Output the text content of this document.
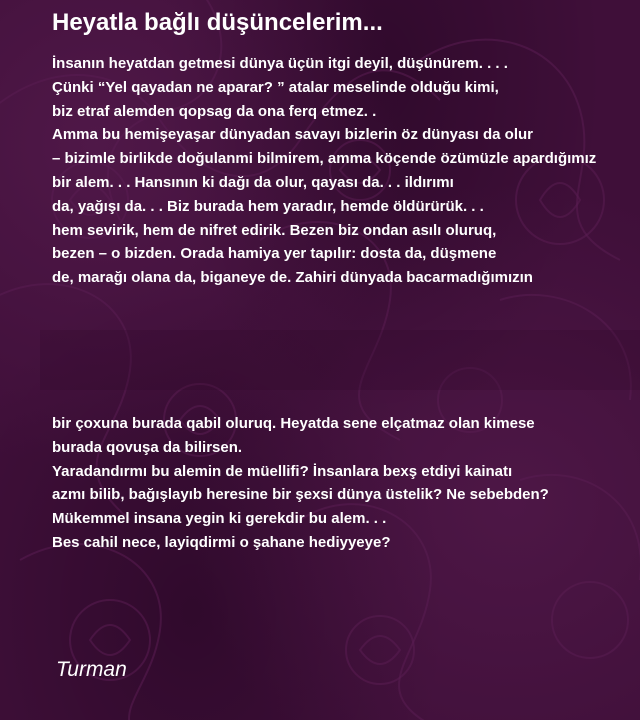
Heyatla bağlı düşüncelerim...
İnsanın heyatdan getmesi dünya üçün itgi deyil, düşünürem. . . .
Çünki “Yel qayadan ne aparar? ” atalar meselinde olduğu kimi,
biz etraf alemden qopsag da ona ferq etmez. .
Amma bu hemişeyaşar dünyadan savayı bizlerin öz dünyası da olur
– bizimle birlikde doğulanmi bilmirem, amma köçende özümüzle apardığımız
bir alem. . . Hansının ki dağı da olur, qayası da. . . ildırımı
da, yağışı da. . . Biz burada hem yaradır, hemde öldürürük. . .
hem sevirik, hem de nifret edirik. Bezen biz ondan asılı oluruq,
bezen – o bizden. Orada hamiya yer tapılır: dosta da, düşmene
de, marağı olana da, biganeye de. Zahiri dünyada bacarmadığımızın
bir çoxuna burada qabil oluruq. Heyatda sene elçatmaz olan kimese
burada qovuşa da bilirsen.
Yaradandırmı bu alemin de müellifi? İnsanlara bexş etdiyi kainatı
azmı bilib, bağışlayıb heresine bir şexsi dünya üstelik? Ne sebebden?
Mükemmel insana yegin ki gerekdir bu alem. . .
Bes cahil nece, layiqdirmi o şahane hediyyeye?
Turman
